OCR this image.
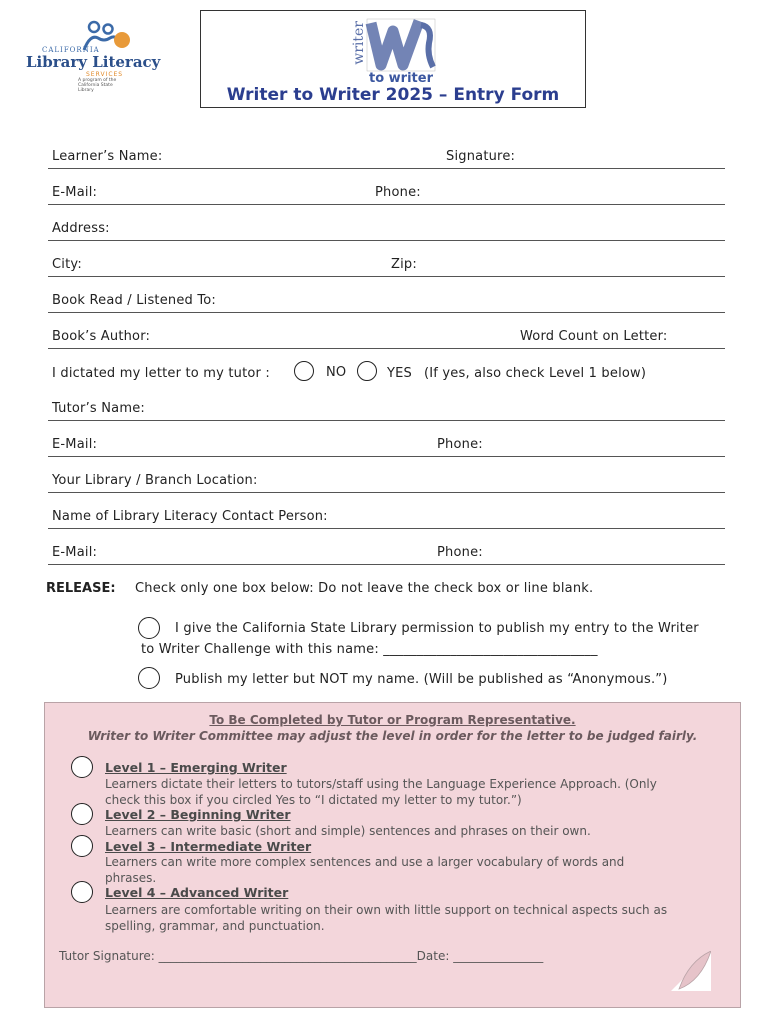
CALIFORNIA
Library Literacy
SERVICES
A program of the California State Library
writer
to writer
Writer to Writer 2025 – Entry Form
Learner’s Name:	Signature:
E-Mail:	Phone:
Address:
City:	Zip:
Book Read / Listened To:
Book’s Author:	Word Count on Letter:
I dictated my letter to my tutor :	NO	YES (If yes, also check Level 1 below)
Tutor’s Name:
E-Mail:	Phone:
Your Library / Branch Location:
Name of Library Literacy Contact Person:
E-Mail:	Phone:
RELEASE: Check only one box below: Do not leave the check box or line blank.
I give the California State Library permission to publish my entry to the Writer
to Writer Challenge with this name: ________________________________
Publish my letter but NOT my name. (Will be published as “Anonymous.”)
To Be Completed by Tutor or Program Representative.
Writer to Writer Committee may adjust the level in order for the letter to be judged fairly.
Level 1 – Emerging Writer
Learners dictate their letters to tutors/staff using the Language Experience Approach. (Only
check this box if you circled Yes to “I dictated my letter to my tutor.”)
Level 2 – Beginning Writer
Learners can write basic (short and simple) sentences and phrases on their own.
Level 3 – Intermediate Writer
Learners can write more complex sentences and use a larger vocabulary of words and
phrases.
Level 4 – Advanced Writer
Learners are comfortable writing on their own with little support on technical aspects such as
spelling, grammar, and punctuation.
Tutor Signature: ___________________________________________Date: _______________
